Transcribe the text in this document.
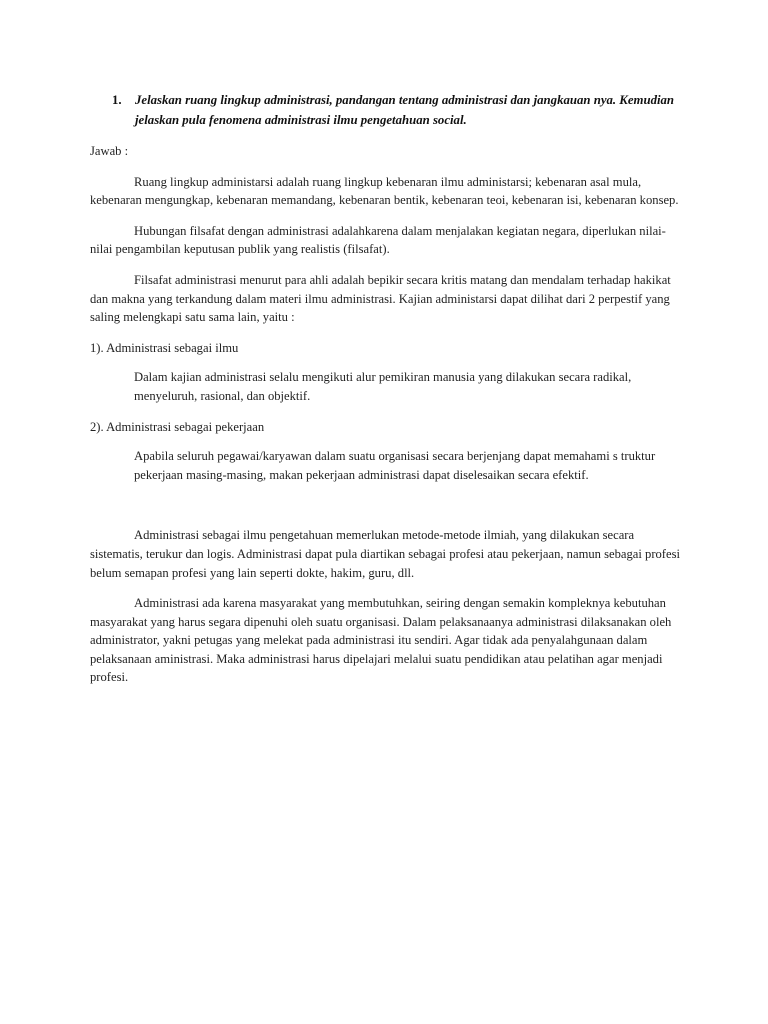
1.	Jelaskan ruang lingkup administrasi, pandangan tentang administrasi dan jangkauan nya. Kemudian jelaskan pula fenomena administrasi ilmu pengetahuan social.

Jawab :

Ruang lingkup administarsi adalah ruang lingkup kebenaran ilmu administarsi; kebenaran asal mula, kebenaran mengungkap, kebenaran memandang, kebenaran bentik, kebenaran teoi, kebenaran isi, kebenaran konsep.

Hubungan filsafat dengan administrasi adalahkarena dalam menjalakan kegiatan negara, diperlukan nilai-nilai pengambilan keputusan publik yang realistis (filsafat).

Filsafat administrasi menurut para ahli adalah bepikir secara kritis matang dan mendalam terhadap hakikat dan makna yang terkandung dalam materi ilmu administrasi. Kajian administarsi dapat dilihat dari 2 perpestif yang saling melengkapi satu sama lain, yaitu :

1). Administrasi sebagai ilmu

Dalam kajian administrasi selalu mengikuti alur pemikiran manusia yang dilakukan secara radikal, menyeluruh, rasional, dan objektif.

2). Administrasi sebagai pekerjaan

Apabila seluruh pegawai/karyawan dalam suatu organisasi secara berjenjang dapat memahami s truktur pekerjaan masing-masing, makan pekerjaan administrasi dapat diselesaikan secara efektif.

Administrasi sebagai ilmu pengetahuan memerlukan metode-metode ilmiah, yang dilakukan secara sistematis, terukur dan logis. Administrasi dapat pula diartikan sebagai profesi atau pekerjaan, namun sebagai profesi belum semapan profesi yang lain seperti dokte, hakim, guru, dll.

Administrasi ada karena masyarakat yang membutuhkan, seiring dengan semakin kompleknya kebutuhan masyarakat yang harus segara dipenuhi oleh suatu organisasi. Dalam pelaksanaanya administrasi dilaksanakan oleh administrator, yakni petugas yang melekat pada administrasi itu sendiri. Agar tidak ada penyalahgunaan dalam pelaksanaan aministrasi. Maka administrasi harus dipelajari melalui suatu pendidikan atau pelatihan agar menjadi profesi.
